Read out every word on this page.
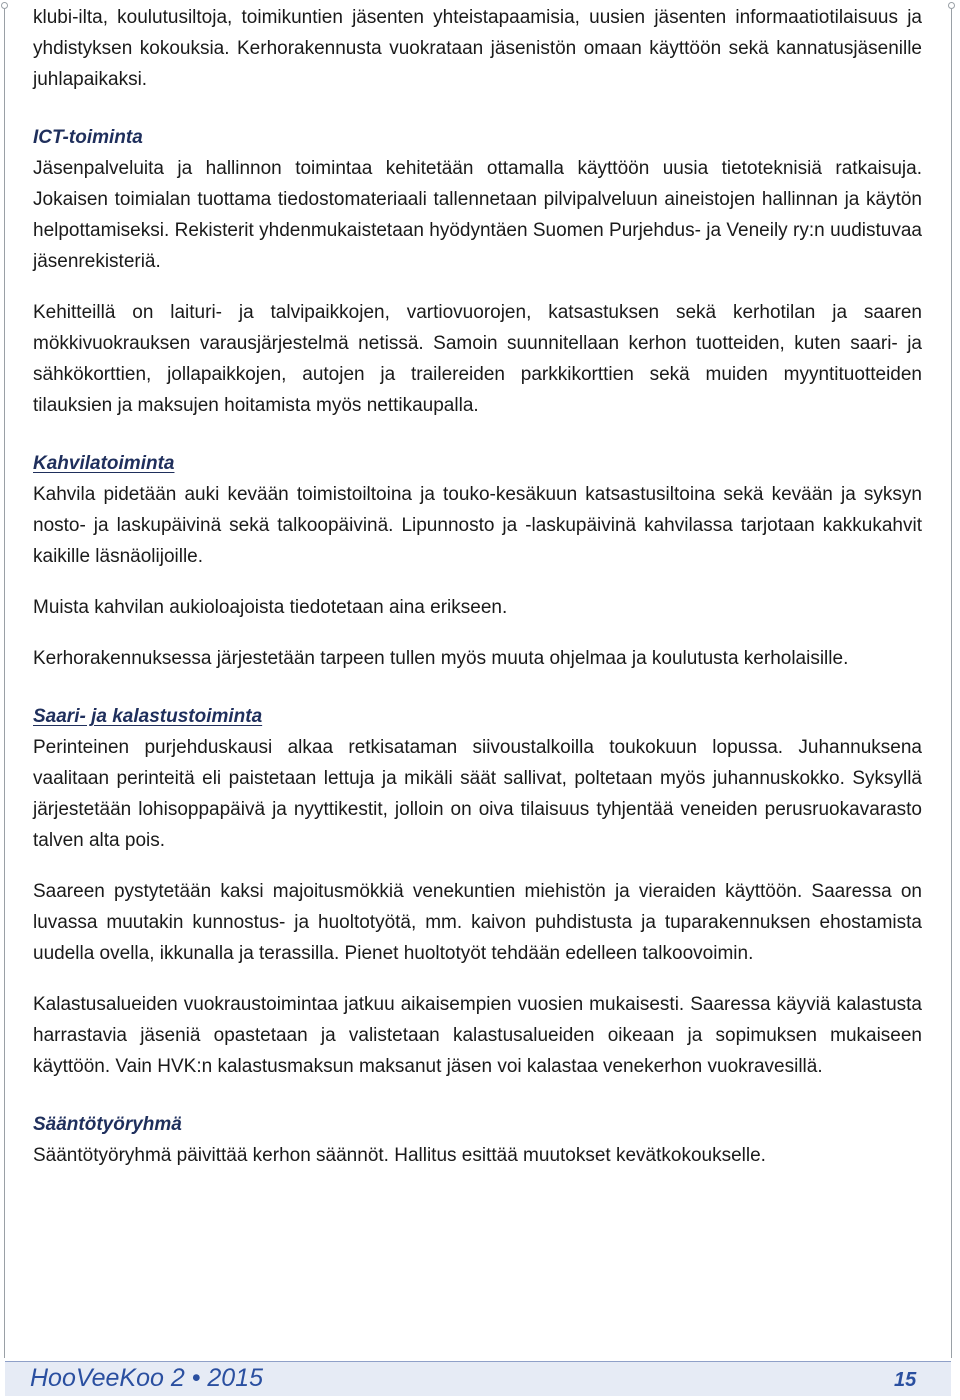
klubi-ilta, koulutusiltoja, toimikuntien jäsenten yhteistapaamisia, uusien jäsenten informaatiotilaisuus ja yhdistyksen kokouksia. Kerhorakennusta vuokrataan jäsenistön omaan käyttöön sekä kannatusjäsenille juhlapaikaksi.

ICT-toiminta

Jäsenpalveluita ja hallinnon toimintaa kehitetään ottamalla käyttöön uusia tietoteknisiä ratkaisuja. Jokaisen toimialan tuottama tiedostomateriaali tallennetaan pilvipalveluun aineistojen hallinnan ja käytön helpottamiseksi. Rekisterit yhdenmukaistetaan hyödyntäen Suomen Purjehdus- ja Veneily ry:n uudistuvaa jäsenrekisteriä.

Kehitteillä on laituri- ja talvipaikkojen, vartiovuorojen, katsastuksen sekä kerhotilan ja saaren mökkivuokrauksen varausjärjestelmä netissä. Samoin suunnitellaan kerhon tuotteiden, kuten saari- ja sähkökorttien, jollapaikkojen, autojen ja trailereiden parkkikorttien sekä muiden myyntituotteiden tilauksien ja maksujen hoitamista myös nettikaupalla.

Kahvilatoiminta

Kahvila pidetään auki kevään toimistoiltoina ja touko-kesäkuun katsastusiltoina sekä kevään ja syksyn nosto- ja laskupäivinä sekä talkoopäivinä. Lipunnosto ja -laskupäivinä kahvilassa tarjotaan kakkukahvit kaikille läsnäolijoille.

Muista kahvilan aukioloajoista tiedotetaan aina erikseen.

Kerhorakennuksessa järjestetään tarpeen tullen myös muuta ohjelmaa ja koulutusta kerholaisille.

Saari- ja kalastustoiminta

Perinteinen purjehduskausi alkaa retkisataman siivoustalkoilla toukokuun lopussa. Juhannuksena vaalitaan perinteitä eli paistetaan lettuja ja mikäli säät sallivat, poltetaan myös juhannuskokko. Syksyllä järjestetään lohisoppapäivä ja nyyttikestit, jolloin on oiva tilaisuus tyhjentää veneiden perusruokavarasto talven alta pois.

Saareen pystytetään kaksi majoitusmökkiä venekuntien miehistön ja vieraiden käyttöön. Saaressa on luvassa muutakin kunnostus- ja huoltotyötä, mm. kaivon puhdistusta ja tuparakennuksen ehostamista uudella ovella, ikkunalla ja terassilla. Pienet huoltotyöt tehdään edelleen talkoovoimin.

Kalastusalueiden vuokraustoimintaa jatkuu aikaisempien vuosien mukaisesti. Saaressa käyviä kalastusta harrastavia jäseniä opastetaan ja valistetaan kalastusalueiden oikeaan ja sopimuksen mukaiseen käyttöön. Vain HVK:n kalastusmaksun maksanut jäsen voi kalastaa venekerhon vuokravesillä.

Sääntötyöryhmä

Sääntötyöryhmä päivittää kerhon säännöt. Hallitus esittää muutokset kevätkokoukselle.

HooVeeKoo 2 • 2015	15
